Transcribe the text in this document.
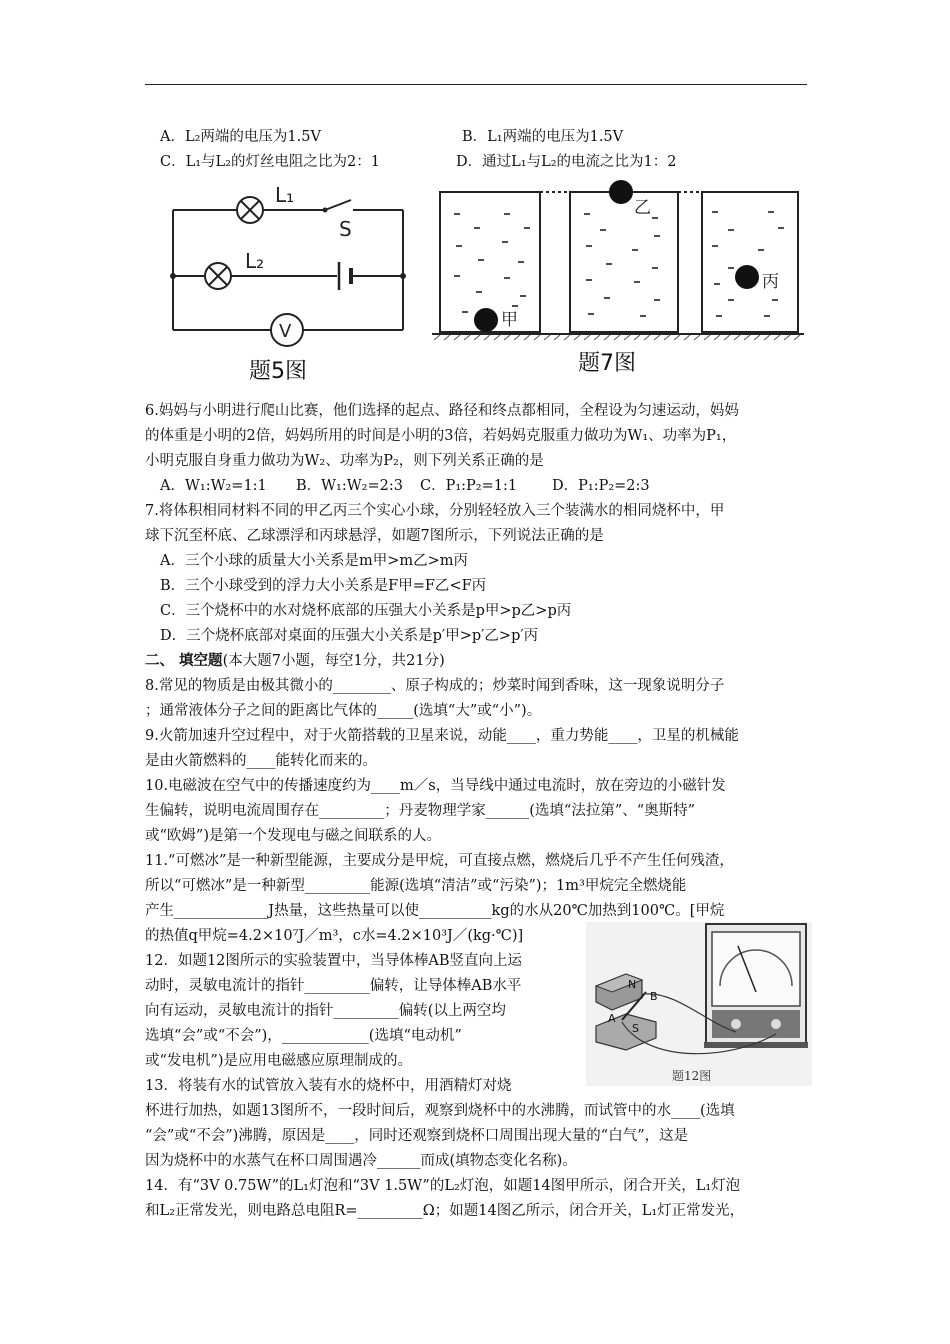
A．L₂两端的电压为1.5V	B．L₁两端的电压为1.5V
C．L₁与L₂的灯丝电阻之比为2：1	D．通过L₁与L₂的电流之比为1：2
L₁
S
L₂
V
题5图
甲
乙
丙
题7图
6.妈妈与小明进行爬山比赛，他们选择的起点、路径和终点都相同，全程设为匀速运动，妈妈
的体重是小明的2倍，妈妈所用的时间是小明的3倍，若妈妈克服重力做功为W₁、功率为P₁，
小明克服自身重力做功为W₂、功率为P₂，则下列关系正确的是
A．W₁:W₂=1:1 B．W₁:W₂=2:3 C．P₁:P₂=1:1 D．P₁:P₂=2:3
7.将体积相同材料不同的甲乙丙三个实心小球，分别轻轻放入三个装满水的相同烧杯中，甲
球下沉至杯底、乙球漂浮和丙球悬浮，如题7图所示，下列说法正确的是
A．三个小球的质量大小关系是m甲>m乙>m丙
B．三个小球受到的浮力大小关系是F甲=F乙<F丙
C．三个烧杯中的水对烧杯底部的压强大小关系是p甲>p乙>p丙
D．三个烧杯底部对桌面的压强大小关系是p′甲>p′乙>p′丙
二、 填空题(本大题7小题，每空1分，共21分)
8.常见的物质是由极其微小的________、原子构成的；炒菜时闻到香味，这一现象说明分子
；通常液体分子之间的距离比气体的_____(选填“大”或“小”)。
9.火箭加速升空过程中，对于火箭搭载的卫星来说，动能____，重力势能____，卫星的机械能
是由火箭燃料的____能转化而来的。
10.电磁波在空气中的传播速度约为____m／s，当导线中通过电流时，放在旁边的小磁针发
生偏转，说明电流周围存在_________；丹麦物理学家______(选填“法拉第”、“奥斯特”
或“欧姆”)是第一个发现电与磁之间联系的人。
11.“可燃冰”是一种新型能源，主要成分是甲烷，可直接点燃，燃烧后几乎不产生任何残渣，
所以“可燃冰”是一种新型_________能源(选填“清洁”或“污染”)；1m³甲烷完全燃烧能
产生_____________J热量，这些热量可以使__________kg的水从20℃加热到100℃。[甲烷
的热值q甲烷=4.2×10⁷J／m³，c水=4.2×10³J／(kg·℃)]
12．如题12图所示的实验装置中，当导体棒AB竖直向上运
动时，灵敏电流计的指针_________偏转，让导体棒AB水平
向有运动，灵敏电流计的指针_________偏转(以上两空均
选填“会”或“不会”)，____________(选填“电动机”
或“发电机”)是应用电磁感应原理制成的。
N
S
A
B
题12图
13．将装有水的试管放入装有水的烧杯中，用酒精灯对烧
杯进行加热，如题13图所不，一段时间后，观察到烧杯中的水沸腾，而试管中的水____(选填
“会”或“不会”)沸腾，原因是____，同时还观察到烧杯口周围出现大量的“白气”，这是
因为烧杯中的水蒸气在杯口周围遇冷______而成(填物态变化名称)。
14．有“3V 0.75W”的L₁灯泡和“3V 1.5W”的L₂灯泡，如题14图甲所示，闭合开关，L₁灯泡
和L₂正常发光，则电路总电阻R=_________Ω；如题14图乙所示，闭合开关，L₁灯正常发光，
